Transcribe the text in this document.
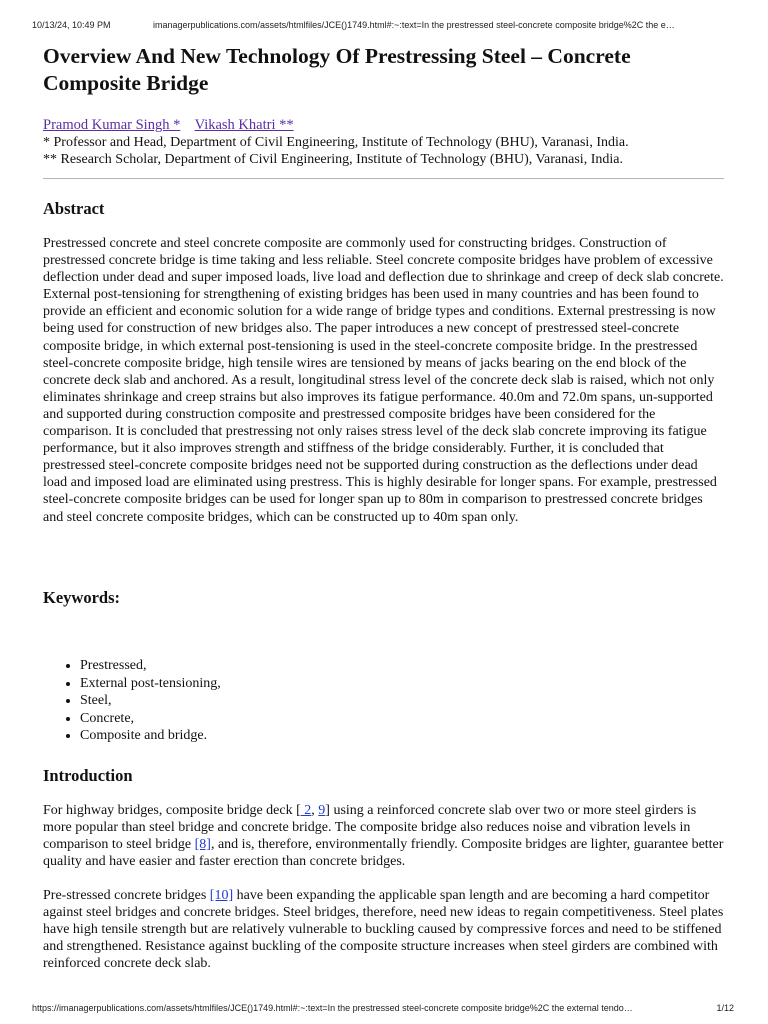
10/13/24, 10:49 PM	imanagerpublications.com/assets/htmlfiles/JCE()1749.html#:~:text=In the prestressed steel-concrete composite bridge%2C the e…
Overview And New Technology Of Prestressing Steel – Concrete Composite Bridge
Pramod Kumar Singh * Vikash Khatri **
* Professor and Head, Department of Civil Engineering, Institute of Technology (BHU), Varanasi, India.
** Research Scholar, Department of Civil Engineering, Institute of Technology (BHU), Varanasi, India.
Abstract

Prestressed concrete and steel concrete composite are commonly used for constructing bridges. Construction of prestressed concrete bridge is time taking and less reliable. Steel concrete composite bridges have problem of excessive deflection under dead and super imposed loads, live load and deflection due to shrinkage and creep of deck slab concrete. External post-tensioning for strengthening of existing bridges has been used in many countries and has been found to provide an efficient and economic solution for a wide range of bridge types and conditions. External prestressing is now being used for construction of new bridges also. The paper introduces a new concept of prestressed steel-concrete composite bridge, in which external post-tensioning is used in the steel-concrete composite bridge. In the prestressed steel-concrete composite bridge, high tensile wires are tensioned by means of jacks bearing on the end block of the concrete deck slab and anchored. As a result, longitudinal stress level of the concrete deck slab is raised, which not only eliminates shrinkage and creep strains but also improves its fatigue performance. 40.0m and 72.0m spans, un-supported and supported during construction composite and prestressed composite bridges have been considered for the comparison. It is concluded that prestressing not only raises stress level of the deck slab concrete improving its fatigue performance, but it also improves strength and stiffness of the bridge considerably. Further, it is concluded that prestressed steel-concrete composite bridges need not be supported during construction as the deflections under dead load and imposed load are eliminated using prestress. This is highly desirable for longer spans. For example, prestressed steel-concrete composite bridges can be used for longer span up to 80m in comparison to prestressed concrete bridges and steel concrete composite bridges, which can be constructed up to 40m span only.

Keywords:
• Prestressed,
• External post-tensioning,
• Steel,
• Concrete,
• Composite and bridge.
Introduction

For highway bridges, composite bridge deck [ 2, 9] using a reinforced concrete slab over two or more steel girders is more popular than steel bridge and concrete bridge. The composite bridge also reduces noise and vibration levels in comparison to steel bridge [8], and is, therefore, environmentally friendly. Composite bridges are lighter, guarantee better quality and have easier and faster erection than concrete bridges.

Pre-stressed concrete bridges [10] have been expanding the applicable span length and are becoming a hard competitor against steel bridges and concrete bridges. Steel bridges, therefore, need new ideas to regain competitiveness. Steel plates have high tensile strength but are relatively vulnerable to buckling caused by compressive forces and need to be stiffened and strengthened. Resistance against buckling of the composite structure increases when steel girders are combined with reinforced concrete deck slab.

https://imanagerpublications.com/assets/htmlfiles/JCE()1749.html#:~:text=In the prestressed steel-concrete composite bridge%2C the external tendo…	1/12
